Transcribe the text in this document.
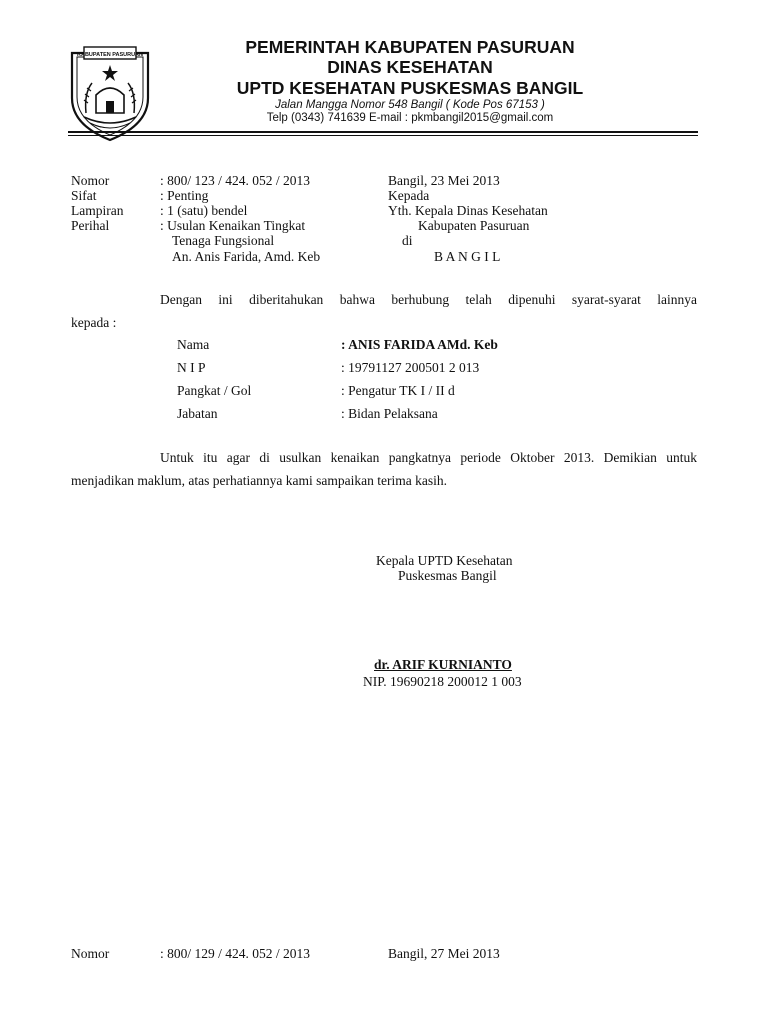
KABUPATEN PASURUAN	PEMERINTAH KABUPATEN PASURUAN
DINAS KESEHATAN
UPTD KESEHATAN PUSKESMAS BANGIL
Jalan Mangga Nomor 548 Bangil ( Kode Pos 67153 )
Telp (0343) 741639 E-mail : pkmbangil2015@gmail.com
Nomor	: 800/ 123 / 424. 052 / 2013
Sifat	: Penting
Lampiran	: 1 (satu) bendel
Perihal	: Usulan Kenaikan Tingkat
Tenaga Fungsional
An. Anis Farida, Amd. Keb
Bangil, 23 Mei 2013
Kepada
Yth. Kepala Dinas Kesehatan
Kabupaten Pasuruan
di
B A N G I L
Dengan ini diberitahukan bahwa berhubung telah dipenuhi syarat-syarat lainnya
kepada :
Nama	: ANIS FARIDA AMd. Keb
N I P	: 19791127 200501 2 013
Pangkat / Gol	: Pengatur TK I / II d
Jabatan	: Bidan Pelaksana
Untuk itu agar di usulkan kenaikan pangkatnya periode Oktober 2013. Demikian untuk
menjadikan maklum, atas perhatiannya kami sampaikan terima kasih.
Kepala UPTD Kesehatan
Puskesmas Bangil
dr. ARIF KURNIANTO
NIP. 19690218 200012 1 003
Nomor	: 800/ 129 / 424. 052 / 2013	Bangil, 27 Mei 2013
